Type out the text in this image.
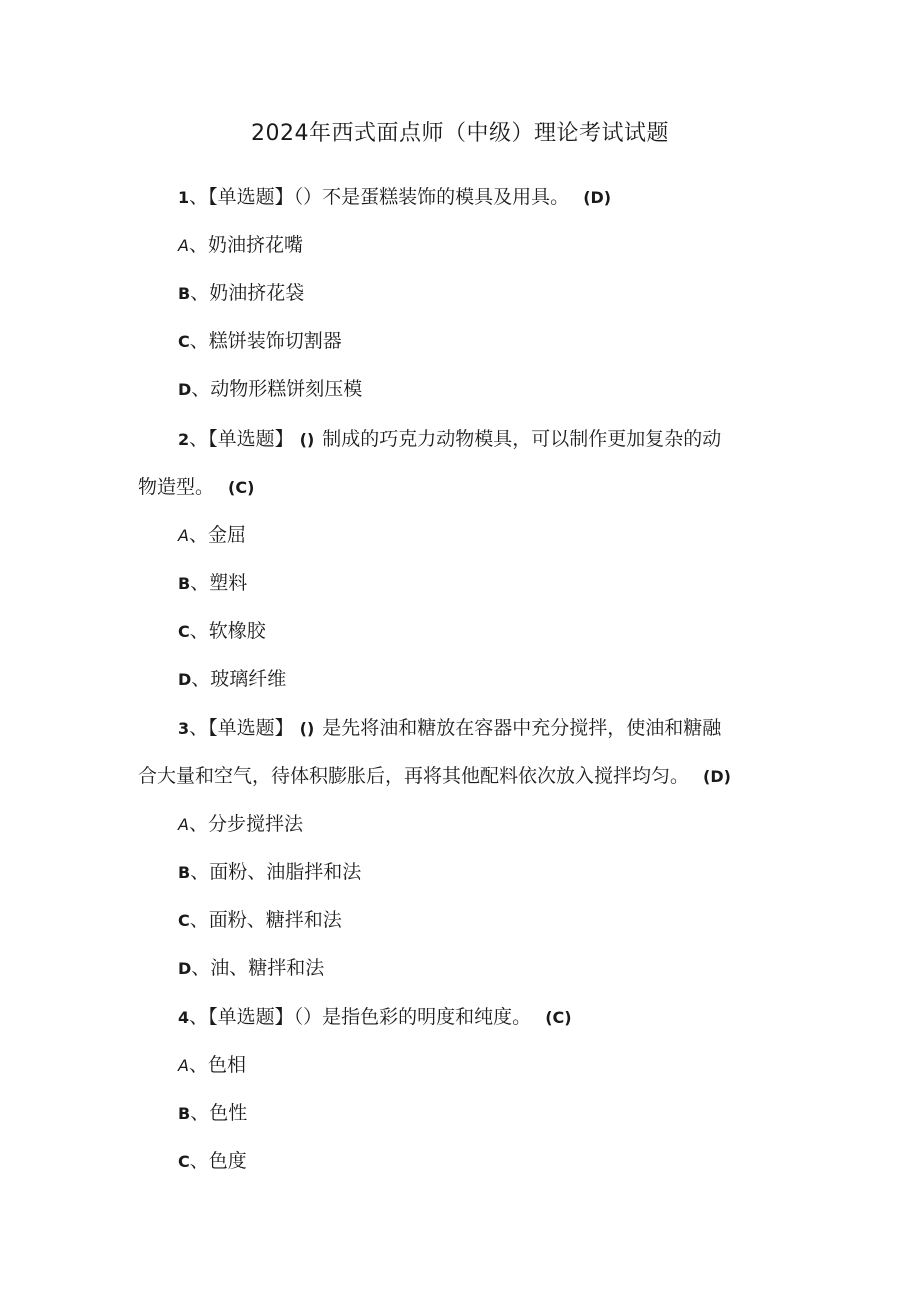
2024年西式面点师（中级）理论考试试题
1、【单选题】（）不是蛋糕装饰的模具及用具。 (D)
A、奶油挤花嘴
B、奶油挤花袋
C、糕饼装饰切割器
D、动物形糕饼刻压模
2、【单选题】 () 制成的巧克力动物模具，可以制作更加复杂的动
物造型。 (C)
A、金屈
B、塑料
C、软橡胶
D、玻璃纤维
3、【单选题】 () 是先将油和糖放在容器中充分搅拌，使油和糖融
合大量和空气，待体积膨胀后，再将其他配料依次放入搅拌均匀。 (D)
A、分步搅拌法
B、面粉、油脂拌和法
C、面粉、糖拌和法
D、油、糖拌和法
4、【单选题】（）是指色彩的明度和纯度。 (C)
A、色相
B、色性
C、色度
